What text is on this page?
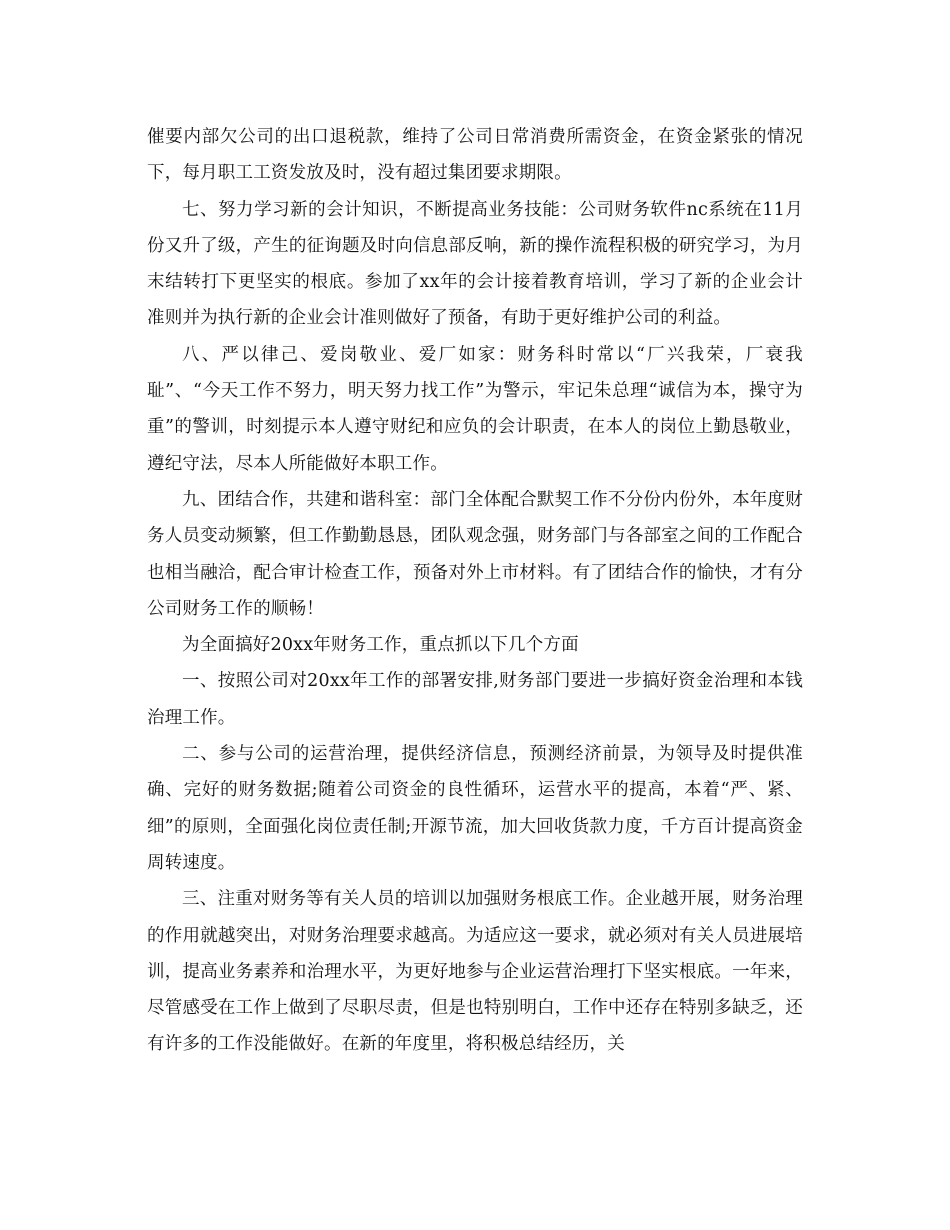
催要内部欠公司的出口退税款，维持了公司日常消费所需资金，在资金紧张的情况下，每月职工工资发放及时，没有超过集团要求期限。

七、努力学习新的会计知识，不断提高业务技能：公司财务软件nc系统在11月份又升了级，产生的征询题及时向信息部反响，新的操作流程积极的研究学习，为月末结转打下更坚实的根底。参加了xx年的会计接着教育培训，学习了新的企业会计准则并为执行新的企业会计准则做好了预备，有助于更好维护公司的利益。

八、严以律己、爱岗敬业、爱厂如家：财务科时常以“厂兴我荣，厂衰我耻”、“今天工作不努力，明天努力找工作”为警示，牢记朱总理“诚信为本，操守为重”的警训，时刻提示本人遵守财纪和应负的会计职责，在本人的岗位上勤恳敬业，遵纪守法，尽本人所能做好本职工作。

九、团结合作，共建和谐科室：部门全体配合默契工作不分份内份外，本年度财务人员变动频繁，但工作勤勤恳恳，团队观念强，财务部门与各部室之间的工作配合也相当融洽，配合审计检查工作，预备对外上市材料。有了团结合作的愉快，才有分公司财务工作的顺畅！

为全面搞好20xx年财务工作，重点抓以下几个方面

一、按照公司对20xx年工作的部署安排,财务部门要进一步搞好资金治理和本钱治理工作。

二、参与公司的运营治理，提供经济信息，预测经济前景，为领导及时提供准确、完好的财务数据;随着公司资金的良性循环，运营水平的提高，本着“严、紧、细”的原则，全面强化岗位责任制;开源节流，加大回收货款力度，千方百计提高资金周转速度。

三、注重对财务等有关人员的培训以加强财务根底工作。企业越开展，财务治理的作用就越突出，对财务治理要求越高。为适应这一要求，就必须对有关人员进展培训，提高业务素养和治理水平，为更好地参与企业运营治理打下坚实根底。一年来，尽管感受在工作上做到了尽职尽责，但是也特别明白，工作中还存在特别多缺乏，还有许多的工作没能做好。在新的年度里，将积极总结经历，关
